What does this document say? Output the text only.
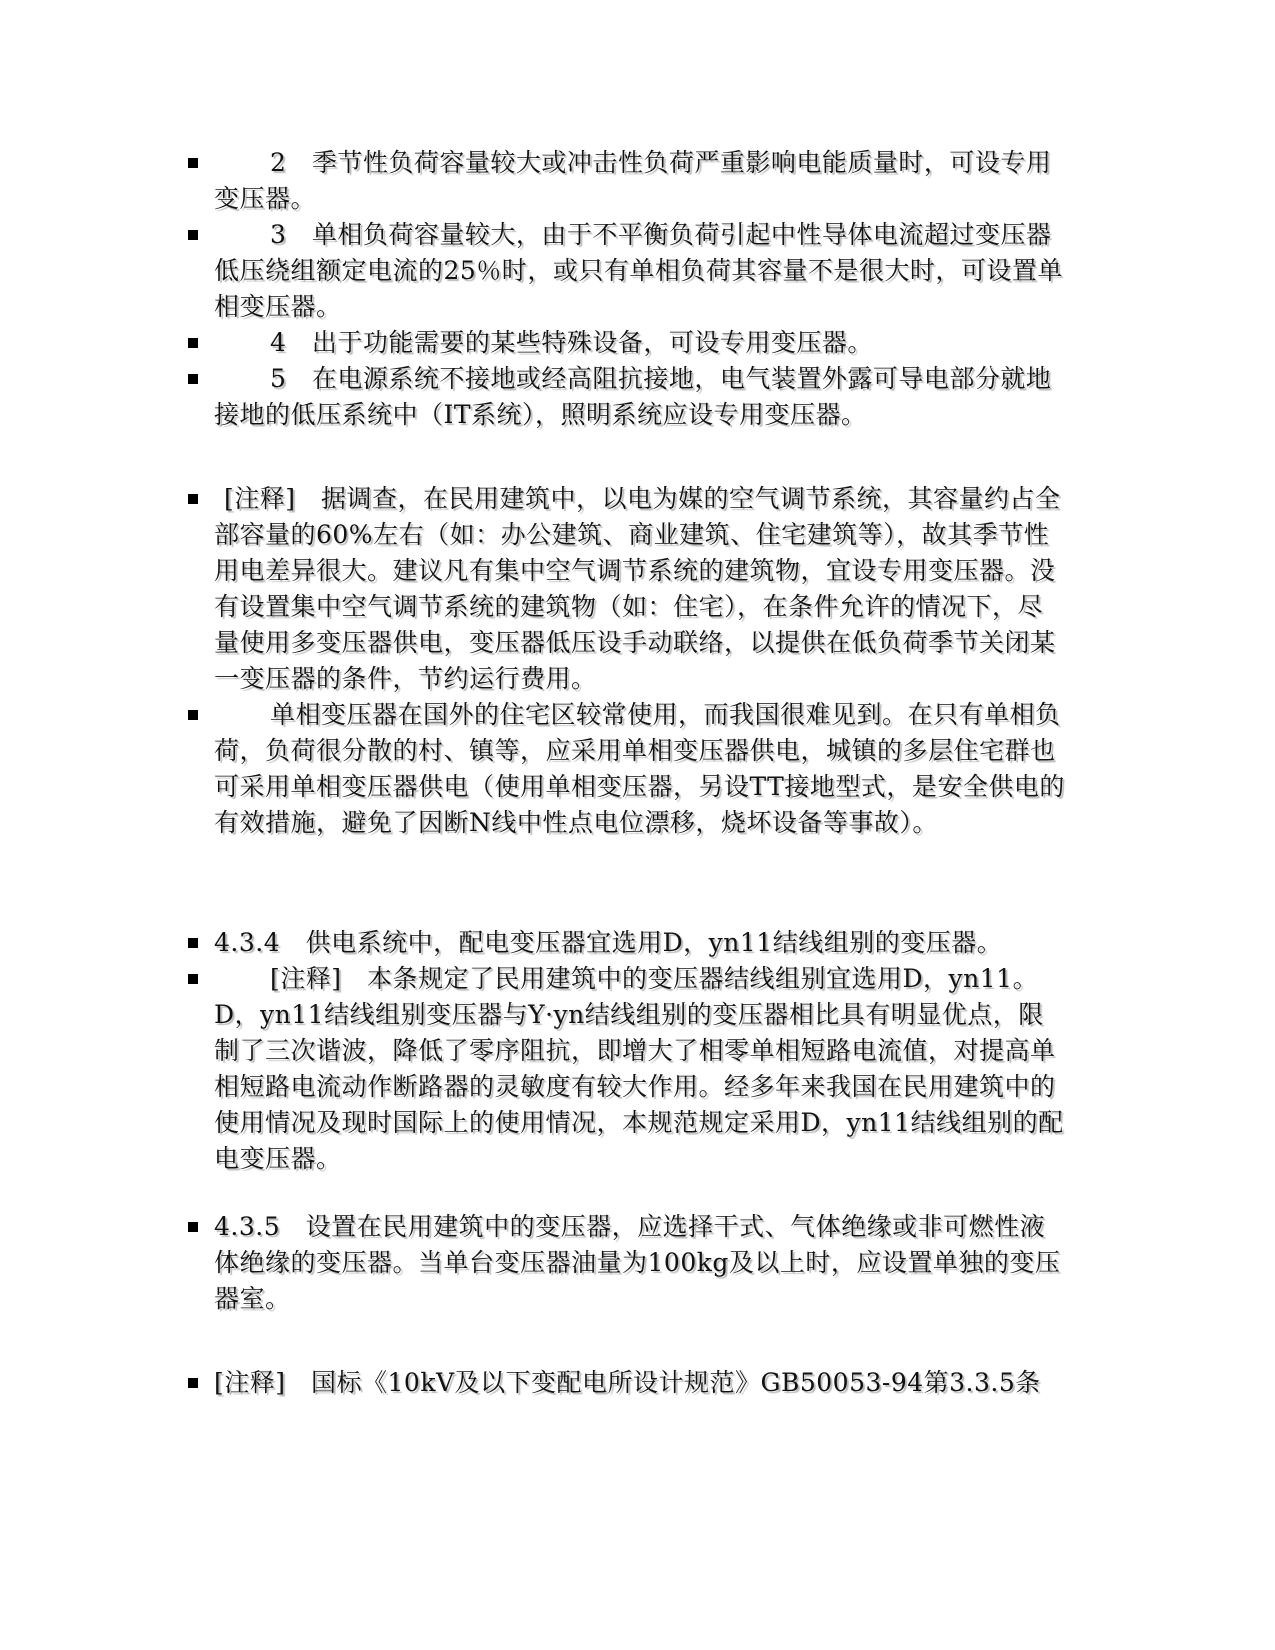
2　季节性负荷容量较大或冲击性负荷严重影响电能质量时，可设专用变压器。

3　单相负荷容量较大，由于不平衡负荷引起中性导体电流超过变压器低压绕组额定电流的25％时，或只有单相负荷其容量不是很大时，可设置单相变压器。

4　出于功能需要的某些特殊设备，可设专用变压器。

5　在电源系统不接地或经高阻抗接地，电气装置外露可导电部分就地接地的低压系统中（IT系统），照明系统应设专用变压器。

[注释]　据调查，在民用建筑中，以电为媒的空气调节系统，其容量约占全部容量的60%左右（如：办公建筑、商业建筑、住宅建筑等），故其季节性用电差异很大。建议凡有集中空气调节系统的建筑物，宜设专用变压器。没有设置集中空气调节系统的建筑物（如：住宅），在条件允许的情况下，尽量使用多变压器供电，变压器低压设手动联络，以提供在低负荷季节关闭某一变压器的条件，节约运行费用。

单相变压器在国外的住宅区较常使用，而我国很难见到。在只有单相负荷，负荷很分散的村、镇等，应采用单相变压器供电，城镇的多层住宅群也可采用单相变压器供电（使用单相变压器，另设TT接地型式，是安全供电的有效措施，避免了因断N线中性点电位漂移，烧坏设备等事故）。

4.3.4　供电系统中，配电变压器宜选用D，yn11结线组别的变压器。

[注释]　本条规定了民用建筑中的变压器结线组别宜选用D，yn11。D，yn11结线组别变压器与Y·yn结线组别的变压器相比具有明显优点，限制了三次谐波，降低了零序阻抗，即增大了相零单相短路电流值，对提高单相短路电流动作断路器的灵敏度有较大作用。经多年来我国在民用建筑中的使用情况及现时国际上的使用情况，本规范规定采用D，yn11结线组别的配电变压器。

4.3.5　设置在民用建筑中的变压器，应选择干式、气体绝缘或非可燃性液体绝缘的变压器。当单台变压器油量为100kg及以上时，应设置单独的变压器室。

[注释]　国标《10kV及以下变配电所设计规范》GB50053-94第3.3.5条
